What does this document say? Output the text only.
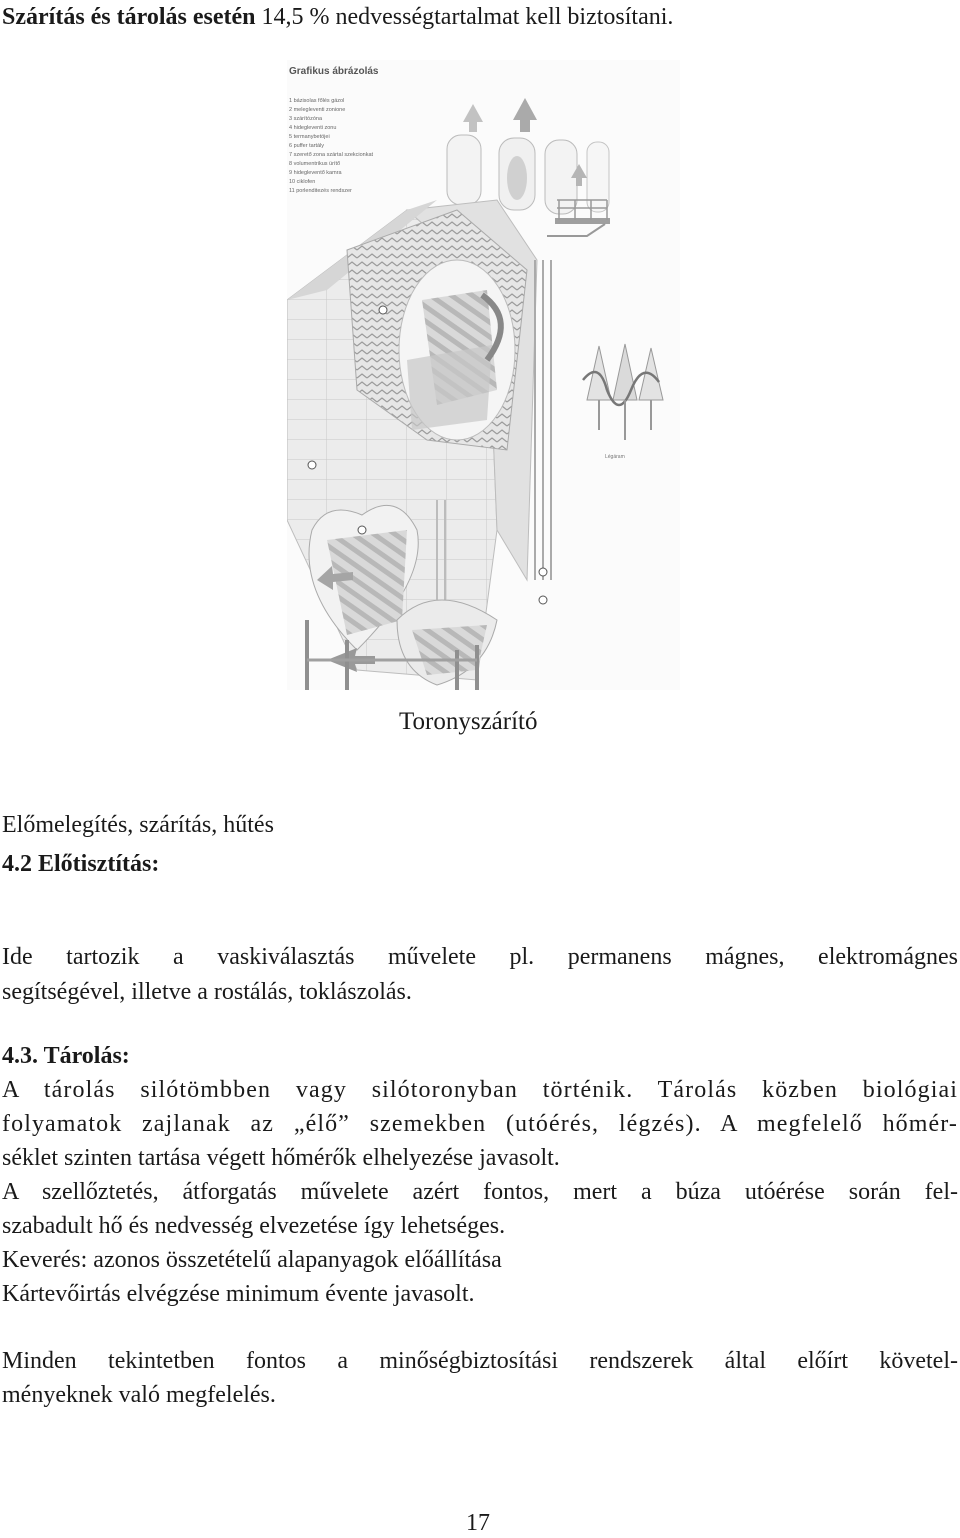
Szárítás és tárolás esetén 14,5 % nedvességtartalmat kell biztosítani.
Grafikus ábrázolás
1 bázisolas főlés gázol
2 melegleventi zonione
3 szárítózóna
4 hidegleventi zonu
5 termanybetöjei
6 puffer tartály
7 szerető zona szártal szekcionkat
8 volumentrikus ürítő
9 hidegleventő kamra
10 ciklofen
11 porlenditezés rendszer
Légáram
Toronyszárító
Előmelegítés, szárítás, hűtés
4.2 Előtisztítás:
Ide tartozik a vaskiválasztás művelete pl. permanens mágnes, elektromágnes
segítségével, illetve a rostálás, toklászolás.
4.3. Tárolás:
A tárolás silótömbben vagy silótoronyban történik. Tárolás közben biológiai
folyamatok zajlanak az „élő” szemekben (utóérés, légzés). A megfelelő hőmér-
séklet szinten tartása végett hőmérők elhelyezése javasolt.
A szellőztetés, átforgatás művelete azért fontos, mert a búza utóérése során fel-
szabadult hő és nedvesség elvezetése így lehetséges.
Keverés: azonos összetételű alapanyagok előállítása
Kártevőirtás elvégzése minimum évente javasolt.
Minden tekintetben fontos a minőségbiztosítási rendszerek által előírt követel-
ményeknek való megfelelés.
17
